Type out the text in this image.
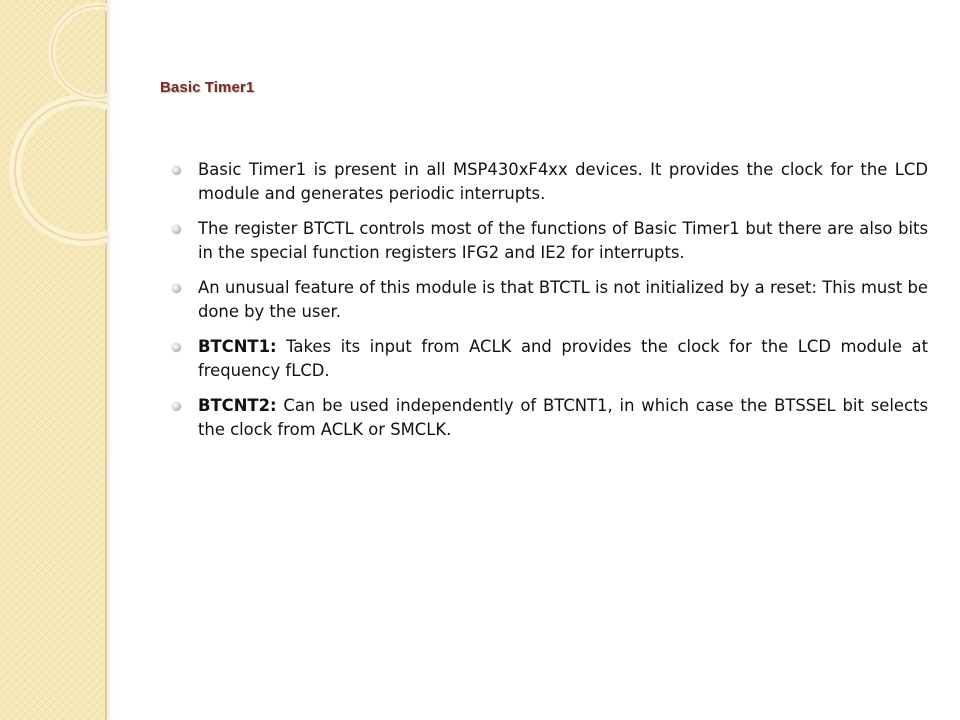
Basic Timer1
Basic Timer1 is present in all MSP430xF4xx devices. It provides the clock for the LCD module and generates periodic interrupts.
The register BTCTL controls most of the functions of Basic Timer1 but there are also bits in the special function registers IFG2 and IE2 for interrupts.
An unusual feature of this module is that BTCTL is not initialized by a reset: This must be done by the user.
BTCNT1: Takes its input from ACLK and provides the clock for the LCD module at frequency fLCD.
BTCNT2: Can be used independently of BTCNT1, in which case the BTSSEL bit selects the clock from ACLK or SMCLK.
